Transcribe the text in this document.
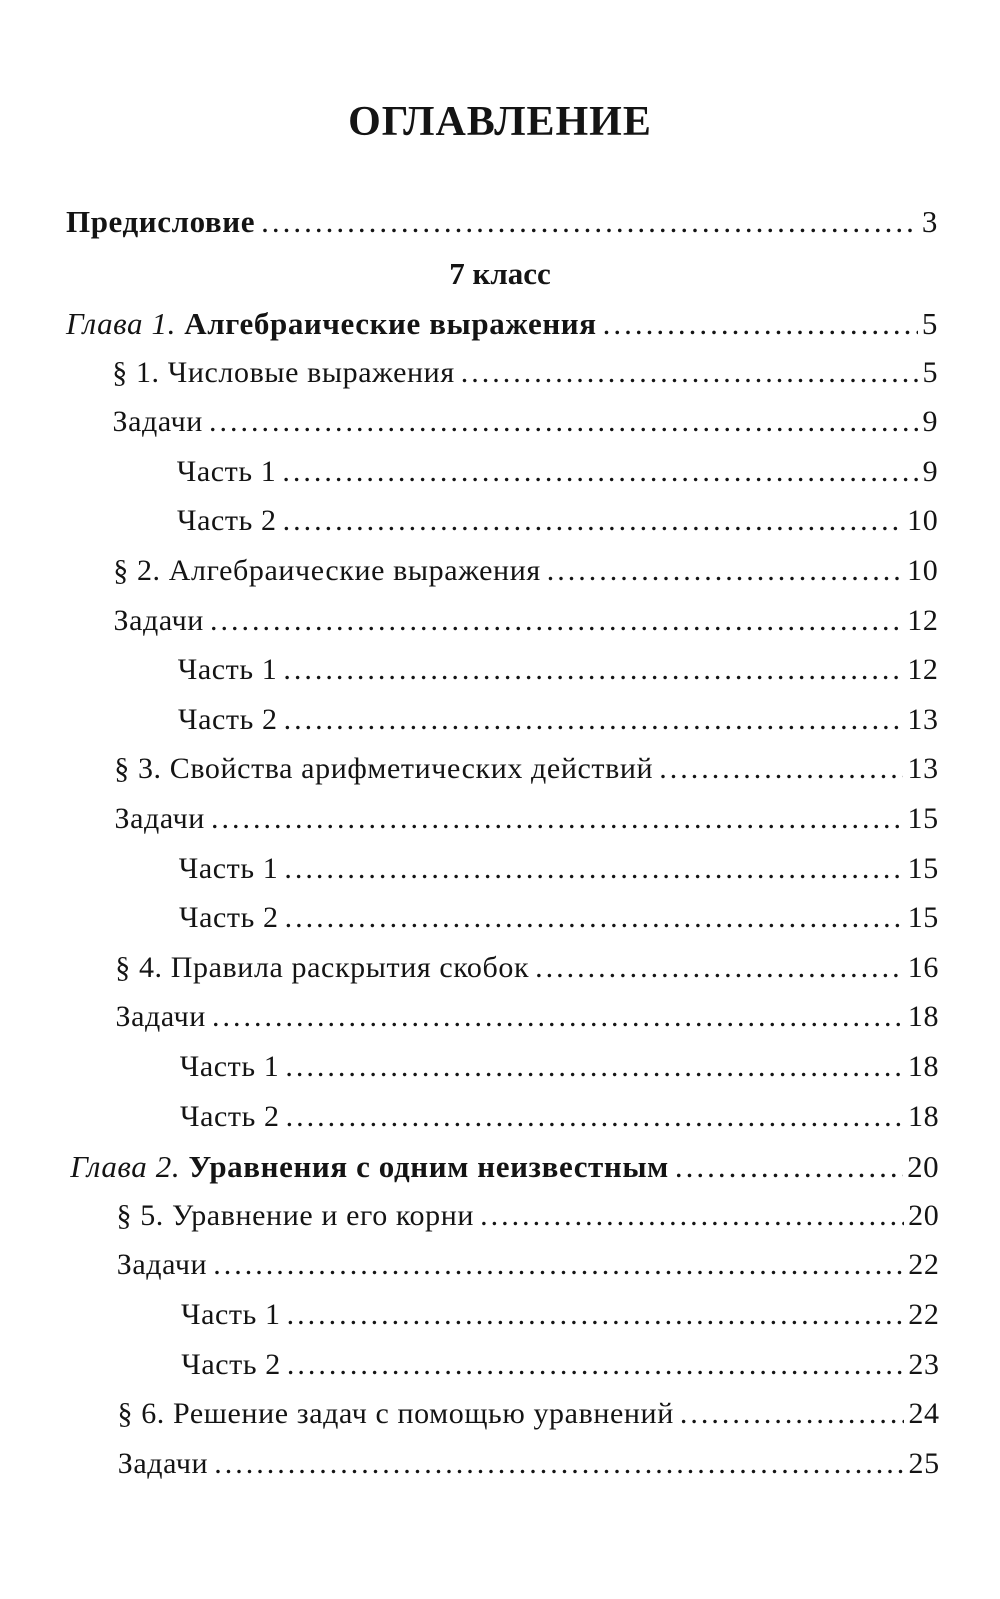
ОГЛАВЛЕНИЕ
Предисловие .....	3
7 класс
Глава 1. Алгебраические выражения .....	5
§ 1. Числовые выражения .....	5
Задачи .....	9
Часть 1 .....	9
Часть 2 .....	10
§ 2. Алгебраические выражения .....	10
Задачи .....	12
Часть 1 .....	12
Часть 2 .....	13
§ 3. Свойства арифметических действий .....	13
Задачи .....	15
Часть 1 .....	15
Часть 2 .....	15
§ 4. Правила раскрытия скобок .....	16
Задачи .....	18
Часть 1 .....	18
Часть 2 .....	18
Глава 2. Уравнения с одним неизвестным .....	20
§ 5. Уравнение и его корни .....	20
Задачи .....	22
Часть 1 .....	22
Часть 2 .....	23
§ 6. Решение задач с помощью уравнений .....	24
Задачи .....	25
